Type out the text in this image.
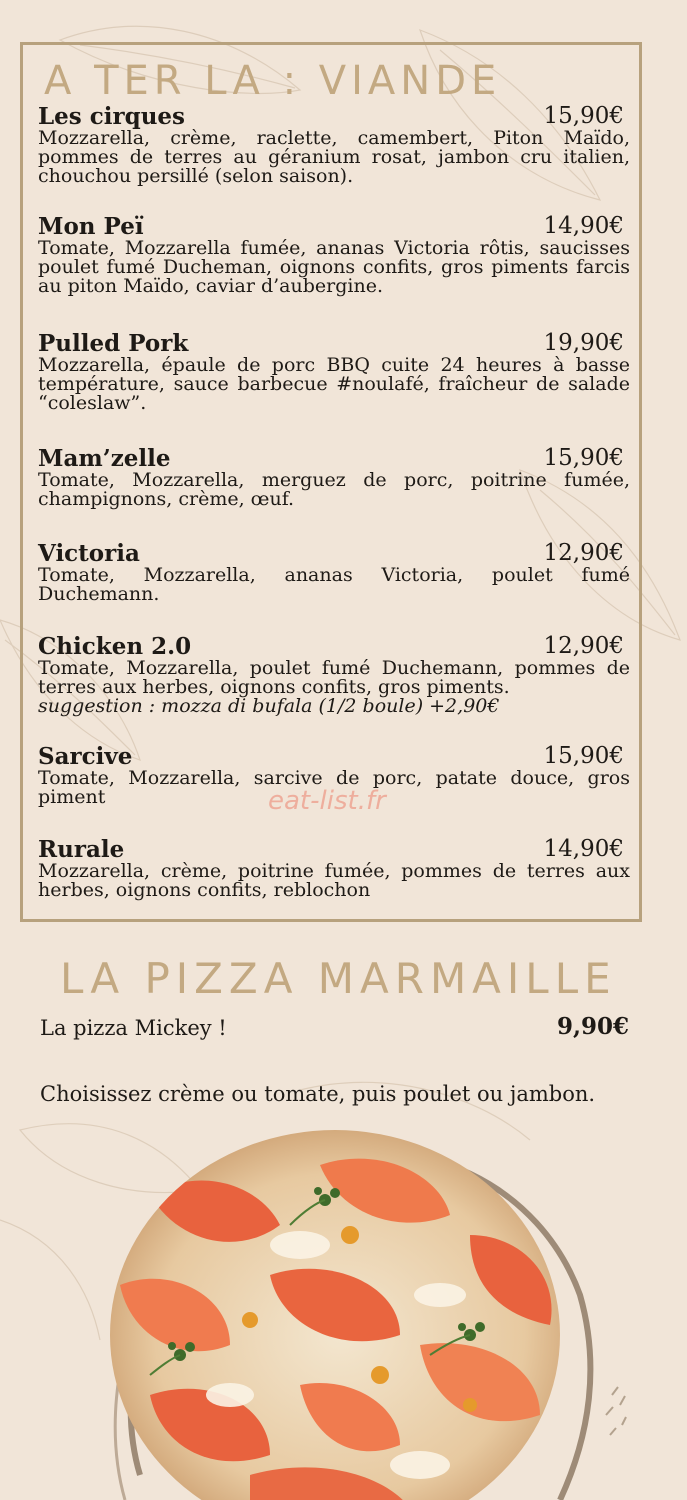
A TER LA : VIANDE
Les cirques	15,90€
Mozzarella, crème, raclette, camembert, Piton Maïdo, pommes de terres au géranium rosat, jambon cru italien, chouchou persillé (selon saison).
Mon Peï	14,90€
Tomate, Mozzarella fumée, ananas Victoria rôtis, saucisses poulet fumé Ducheman, oignons confits, gros piments farcis au piton Maïdo, caviar d’aubergine.
Pulled Pork	19,90€
Mozzarella, épaule de porc BBQ cuite 24 heures à basse température, sauce barbecue #noulafé, fraîcheur de salade “coleslaw”.
Mam’zelle	15,90€
Tomate, Mozzarella, merguez de porc, poitrine fumée, champignons, crème, œuf.
Victoria	12,90€
Tomate, Mozzarella, ananas Victoria, poulet fumé Duchemann.
Chicken 2.0	12,90€
Tomate, Mozzarella, poulet fumé Duchemann, pommes de terres aux herbes, oignons confits, gros piments.
suggestion : mozza di bufala (1/2 boule) +2,90€
Sarcive	15,90€
Tomate, Mozzarella, sarcive de porc, patate douce, gros piment
Rurale	14,90€
Mozzarella, crème, poitrine fumée, pommes de terres aux herbes, oignons confits, reblochon
eat-list.fr
LA PIZZA MARMAILLE
La pizza Mickey !	9,90€
Choisissez crème ou tomate, puis poulet ou jambon.
